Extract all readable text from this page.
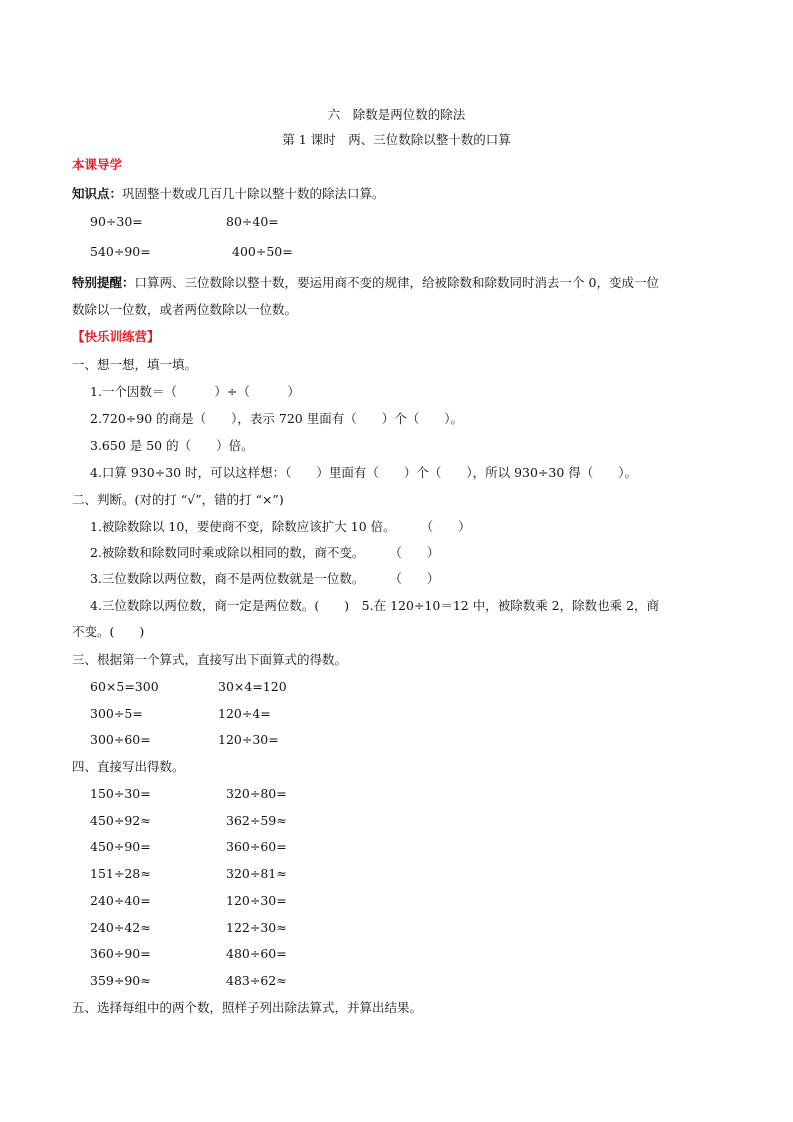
六　除数是两位数的除法
第 1 课时　两、三位数除以整十数的口算
本课导学
知识点：巩固整十数或几百几十除以整十数的除法口算。
90÷30=	80÷40=
540÷90=	400÷50=
特别提醒：口算两、三位数除以整十数，要运用商不变的规律，给被除数和除数同时消去一个 0，变成一位
数除以一位数，或者两位数除以一位数。
【快乐训练营】
一、想一想，填一填。
1.一个因数＝（　　　）÷（　　　）
2.720÷90 的商是（　　），表示 720 里面有（　　）个（　　）。
3.650 是 50 的（　　）倍。
4.口算 930÷30 时，可以这样想：（　　）里面有（　　）个（　　），所以 930÷30 得（　　）。
二、判断。(对的打 “√”，错的打 “×”)
1.被除数除以 10，要使商不变，除数应该扩大 10 倍。　　　（　　）
2.被除数和除数同时乘或除以相同的数，商不变。　　　（　　）
3.三位数除以两位数，商不是两位数就是一位数。　　　（　　）
4.三位数除以两位数，商一定是两位数。(　　)　5.在 120÷10＝12 中，被除数乘 2，除数也乘 2，商
不变。(　　)
三、根据第一个算式，直接写出下面算式的得数。
四、直接写出得数。
五、选择每组中的两个数，照样子列出除法算式，并算出结果。
60×5=300	30×4=120
300÷5=	120÷4=
300÷60=	120÷30=
150÷30=	320÷80=
450÷92≈	362÷59≈
450÷90=	360÷60=
151÷28≈	320÷81≈
240÷40=	120÷30=
240÷42≈	122÷30≈
360÷90=	480÷60=
359÷90≈	483÷62≈
